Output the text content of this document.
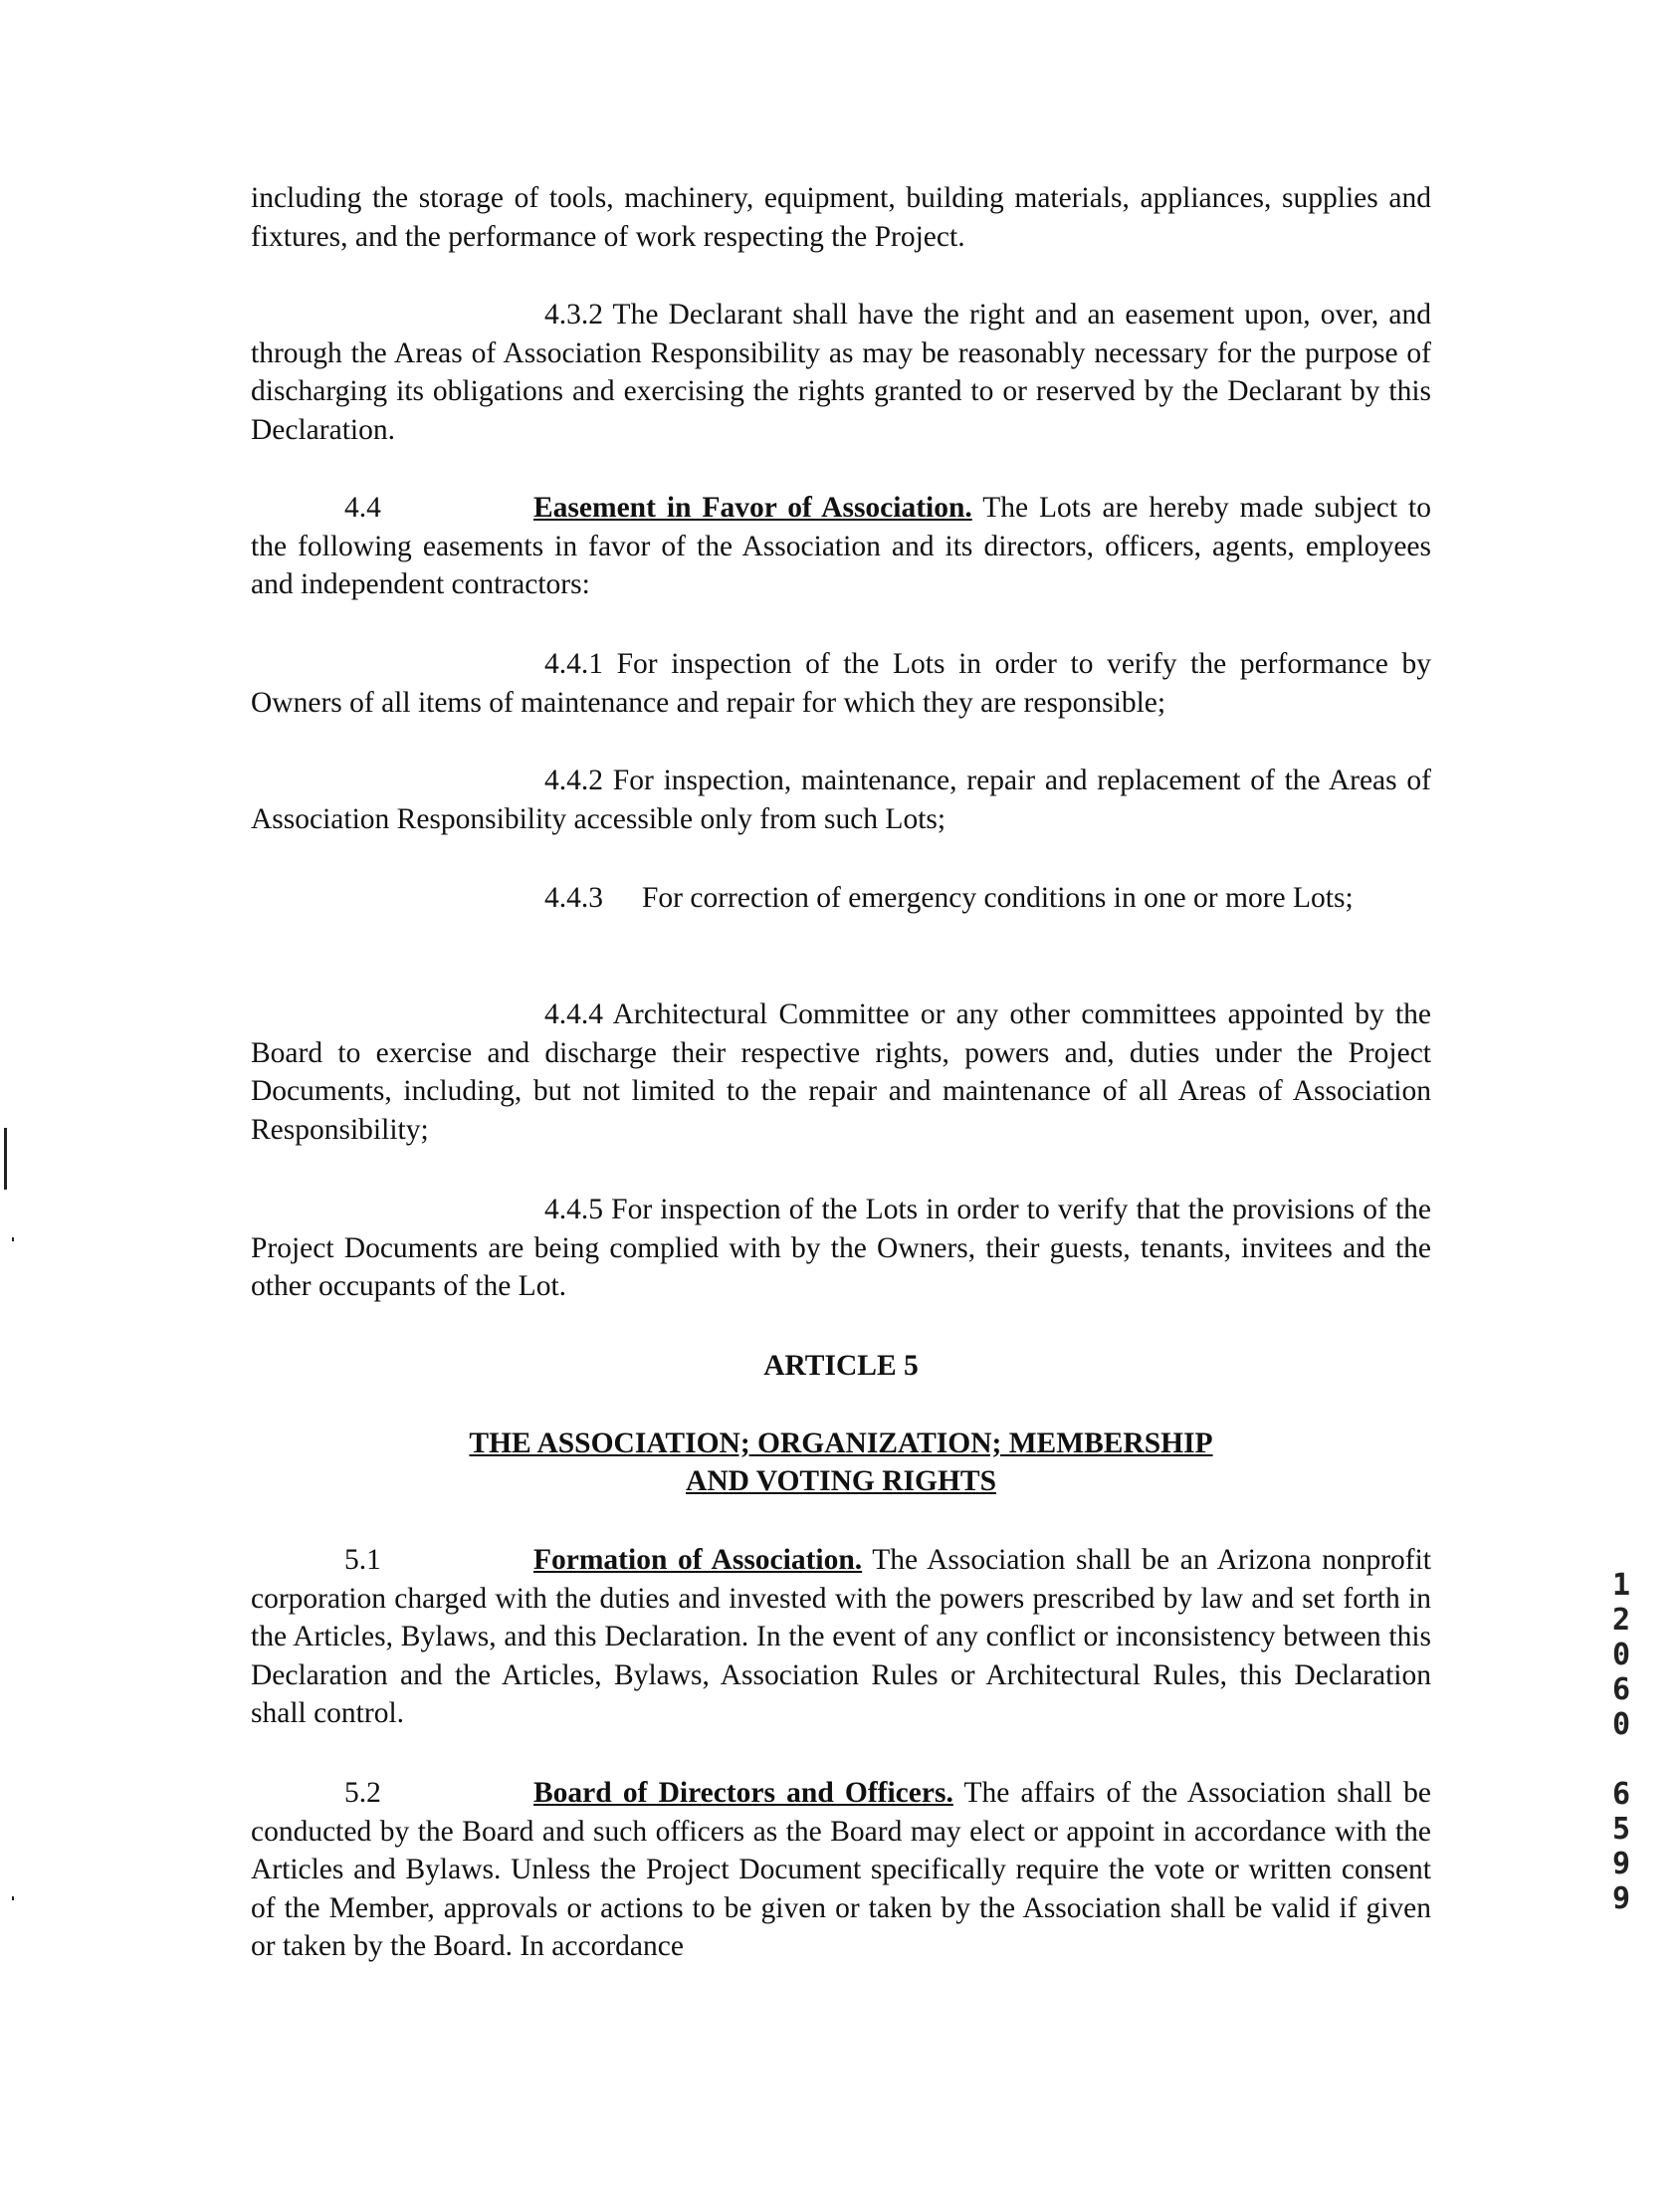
including the storage of tools, machinery, equipment, building materials, appliances, supplies and fixtures, and the performance of work respecting the Project.

4.3.2 The Declarant shall have the right and an easement upon, over, and through the Areas of Association Responsibility as may be reasonably necessary for the purpose of discharging its obligations and exercising the rights granted to or reserved by the Declarant by this Declaration.

4.4	Easement in Favor of Association. The Lots are hereby made subject to the following easements in favor of the Association and its directors, officers, agents, employees and independent contractors:

4.4.1 For inspection of the Lots in order to verify the performance by Owners of all items of maintenance and repair for which they are responsible;

4.4.2 For inspection, maintenance, repair and replacement of the Areas of Association Responsibility accessible only from such Lots;

4.4.3 For correction of emergency conditions in one or more Lots;

4.4.4 Architectural Committee or any other committees appointed by the Board to exercise and discharge their respective rights, powers and, duties under the Project Documents, including, but not limited to the repair and maintenance of all Areas of Association Responsibility;

4.4.5 For inspection of the Lots in order to verify that the provisions of the Project Documents are being complied with by the Owners, their guests, tenants, invitees and the other occupants of the Lot.

ARTICLE 5

THE ASSOCIATION; ORGANIZATION; MEMBERSHIP

AND VOTING RIGHTS

5.1	Formation of Association. The Association shall be an Arizona nonprofit corporation charged with the duties and invested with the powers prescribed by law and set forth in the Articles, Bylaws, and this Declaration. In the event of any conflict or inconsistency between this Declaration and the Articles, Bylaws, Association Rules or Architectural Rules, this Declaration shall control.

5.2	Board of Directors and Officers. The affairs of the Association shall be conducted by the Board and such officers as the Board may elect or appoint in accordance with the Articles and Bylaws. Unless the Project Document specifically require the vote or written consent of the Member, approvals or actions to be given or taken by the Association shall be valid if given or taken by the Board. In accordance

1
2
0
6
0
6
5
9
9
